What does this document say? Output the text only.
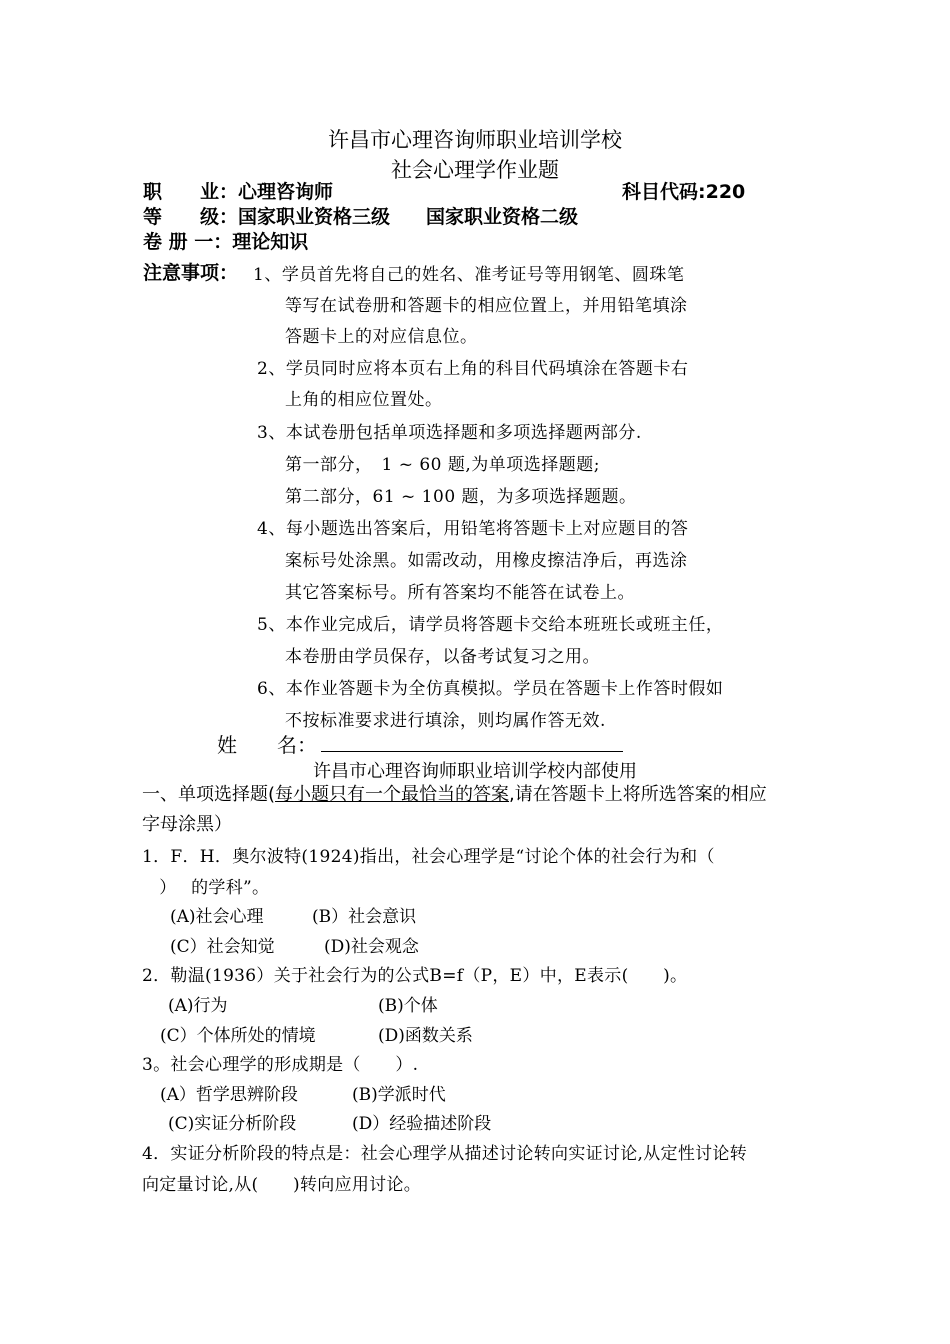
许昌市心理咨询师职业培训学校
社会心理学作业题
职　　业：心理咨询师	科目代码:220
等　　级：国家职业资格三级 国家职业资格二级
卷 册 一：理论知识
注意事项： 1、学员首先将自己的姓名、准考证号等用钢笔、圆珠笔
等写在试卷册和答题卡的相应位置上，并用铅笔填涂
答题卡上的对应信息位。
2、学员同时应将本页右上角的科目代码填涂在答题卡右
上角的相应位置处。
3、本试卷册包括单项选择题和多项选择题两部分.
第一部分，　1 ~ 60 题,为单项选择题题;
第二部分，61 ~ 100 题，为多项选择题题。
4、每小题选出答案后，用铅笔将答题卡上对应题目的答
案标号处涂黑。如需改动，用橡皮擦洁净后，再选涂
其它答案标号。所有答案均不能答在试卷上。
5、本作业完成后，请学员将答题卡交给本班班长或班主任，
本卷册由学员保存，以备考试复习之用。
6、本作业答题卡为全仿真模拟。学员在答题卡上作答时假如
不按标准要求进行填涂，则均属作答无效.
姓　　名：
许昌市心理咨询师职业培训学校内部使用
一、单项选择题(每小题只有一个最恰当的答案,请在答题卡上将所选答案的相应
字母涂黑）
1．F．H．奥尔波特(1924)指出，社会心理学是“讨论个体的社会行为和（
　）　 的学科”。
(A)社会心理	(B）社会意识
(C）社会知觉	(D)社会观念
2．勒温(1936）关于社会行为的公式B=f（P，E）中，E表示(　　)。
(A)行为	(B)个体
(C）个体所处的情境	(D)函数关系
3。社会心理学的形成期是（　　）.
(A）哲学思辨阶段	(B)学派时代
(C)实证分析阶段	(D）经验描述阶段
4．实证分析阶段的特点是：社会心理学从描述讨论转向实证讨论,从定性讨论转
向定量讨论,从(　　)转向应用讨论。
